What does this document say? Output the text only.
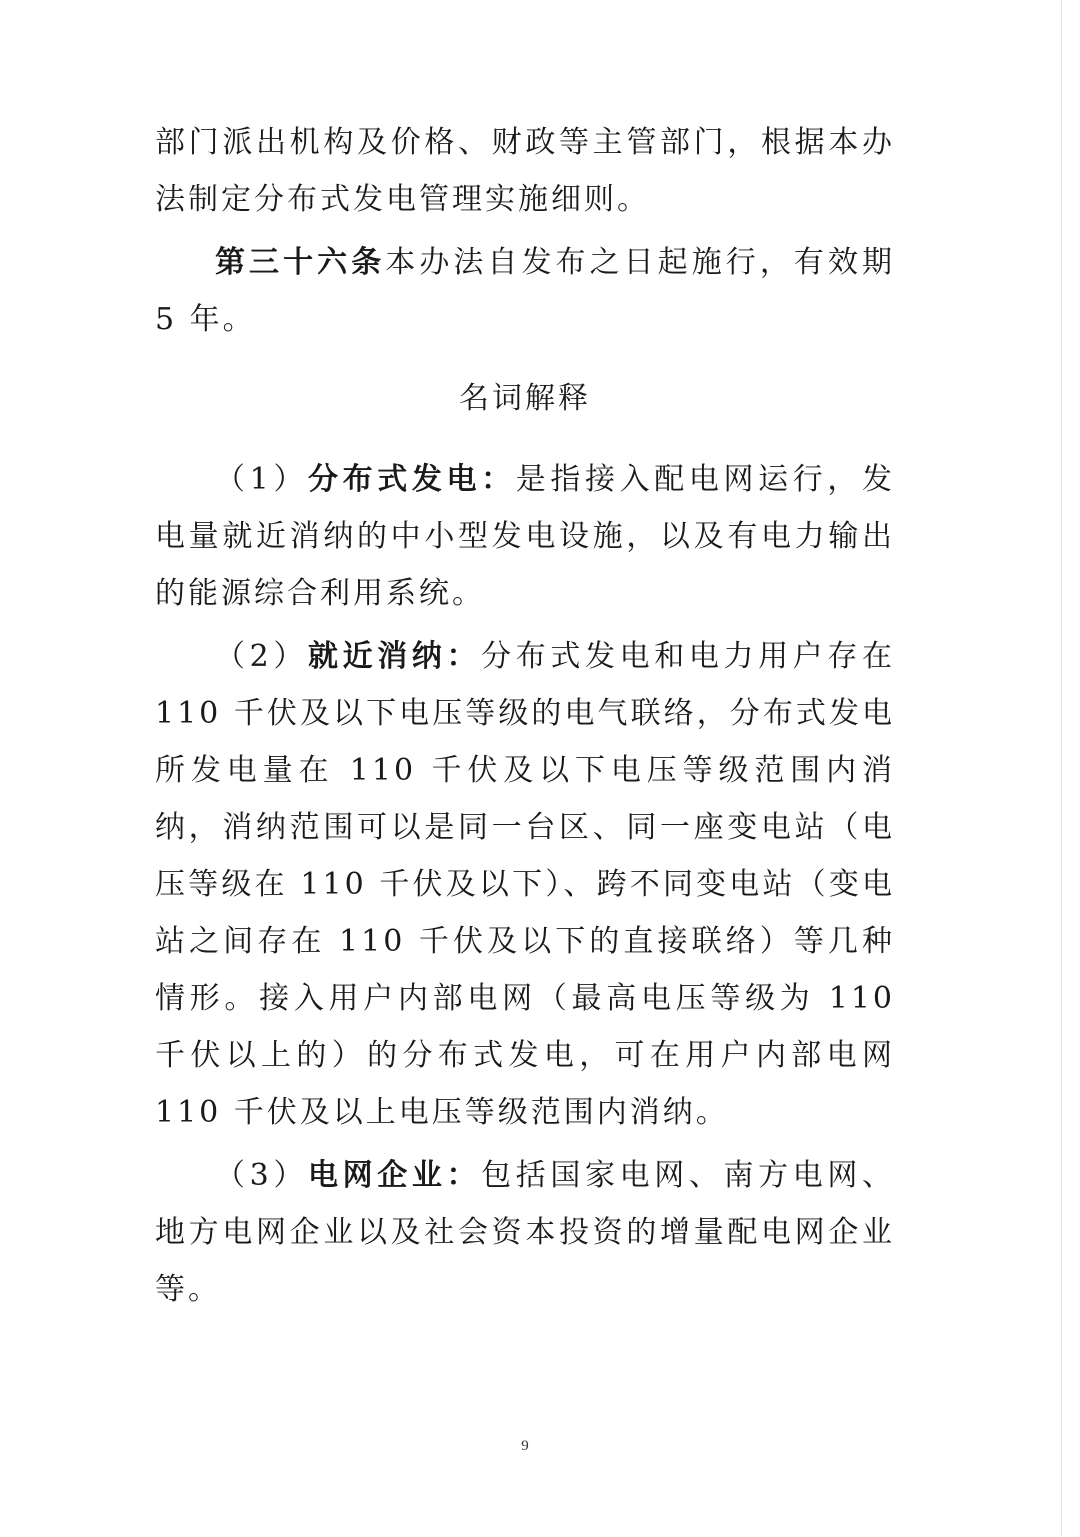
部门派出机构及价格、财政等主管部门，根据本办法制定分布式发电管理实施细则。

第三十六条本办法自发布之日起施行，有效期 5 年。

名词解释

（1）分布式发电：是指接入配电网运行，发电量就近消纳的中小型发电设施，以及有电力输出的能源综合利用系统。

（2）就近消纳：分布式发电和电力用户存在 110 千伏及以下电压等级的电气联络，分布式发电所发电量在 110 千伏及以下电压等级范围内消纳，消纳范围可以是同一台区、同一座变电站（电压等级在 110 千伏及以下）、跨不同变电站（变电站之间存在 110 千伏及以下的直接联络）等几种情形。接入用户内部电网（最高电压等级为 110 千伏以上的）的分布式发电，可在用户内部电网 110 千伏及以上电压等级范围内消纳。

（3）电网企业：包括国家电网、南方电网、地方电网企业以及社会资本投资的增量配电网企业等。

9
